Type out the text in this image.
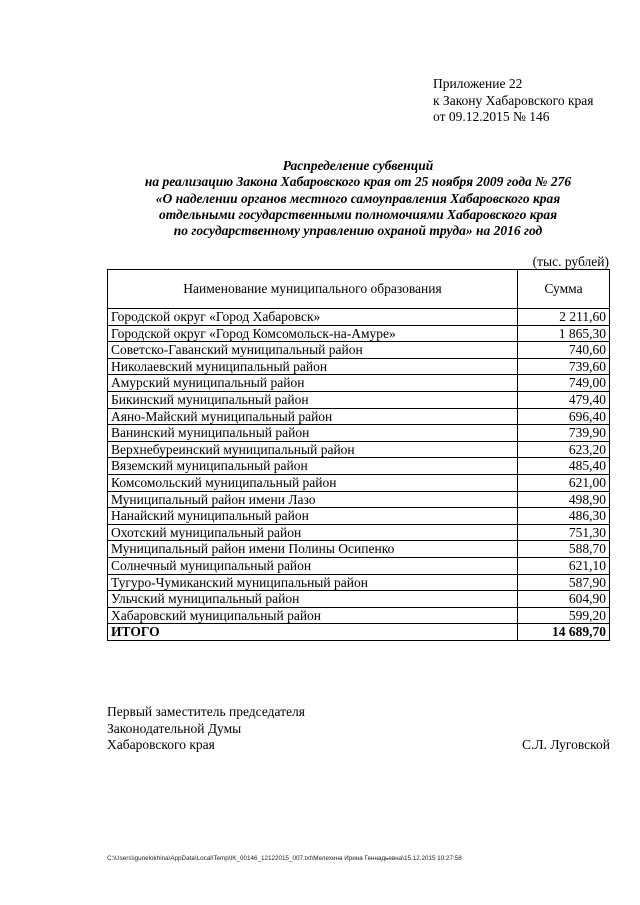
Приложение 22
к Закону Хабаровского края
от 09.12.2015 № 146
Распределение субвенций
на реализацию Закона Хабаровского края от 25 ноября 2009 года № 276
«О наделении органов местного самоуправления Хабаровского края
отдельными государственными полномочиями Хабаровского края
по государственному управлению охраной труда» на 2016 год
(тыс. рублей)
Наименование муниципального образования	Сумма
Городской округ «Город Хабаровск»	2 211,60
Городской округ «Город Комсомольск-на-Амуре»	1 865,30
Советско-Гаванский муниципальный район	740,60
Николаевский муниципальный район	739,60
Амурский муниципальный район	749,00
Бикинский муниципальный район	479,40
Аяно-Майский муниципальный район	696,40
Ванинский муниципальный район	739,90
Верхнебуреинский муниципальный район	623,20
Вяземский муниципальный район	485,40
Комсомольский муниципальный район	621,00
Муниципальный район имени Лазо	498,90
Нанайский муниципальный район	486,30
Охотский муниципальный район	751,30
Муниципальный район имени Полины Осипенко	588,70
Солнечный муниципальный район	621,10
Тугуро-Чумиканский муниципальный район	587,90
Ульчский муниципальный район	604,90
Хабаровский муниципальный район	599,20
ИТОГО	14 689,70
Первый заместитель председателя
Законодательной Думы
Хабаровского края	С.Л. Луговской
C:\Users\igunelokhina\AppData\Local\Temp\IK_00146_12122015_007.txt\Мелехина Ирина Геннадьевна\15.12.2015 10:27:58
